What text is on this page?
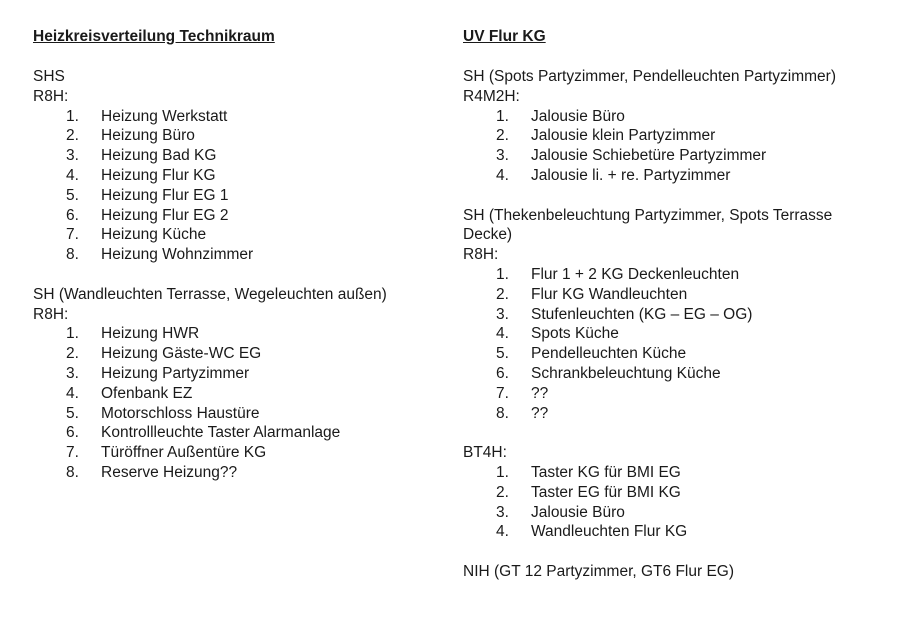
Heizkreisverteilung Technikraum
SHS
R8H:
1.	Heizung Werkstatt
2.	Heizung Büro
3.	Heizung Bad KG
4.	Heizung Flur KG
5.	Heizung Flur EG 1
6.	Heizung Flur EG 2
7.	Heizung Küche
8.	Heizung Wohnzimmer
SH (Wandleuchten Terrasse, Wegeleuchten außen)
R8H:
1.	Heizung HWR
2.	Heizung Gäste-WC EG
3.	Heizung Partyzimmer
4.	Ofenbank EZ
5.	Motorschloss Haustüre
6.	Kontrollleuchte Taster Alarmanlage
7.	Türöffner Außentüre KG
8.	Reserve Heizung??
UV Flur KG
SH (Spots Partyzimmer, Pendelleuchten Partyzimmer)
R4M2H:
1.	Jalousie Büro
2.	Jalousie klein Partyzimmer
3.	Jalousie Schiebetüre Partyzimmer
4.	Jalousie li. + re. Partyzimmer
SH (Thekenbeleuchtung Partyzimmer, Spots Terrasse
Decke)
R8H:
1.	Flur 1 + 2 KG Deckenleuchten
2.	Flur KG Wandleuchten
3.	Stufenleuchten (KG – EG – OG)
4.	Spots Küche
5.	Pendelleuchten Küche
6.	Schrankbeleuchtung Küche
7.	??
8.	??
BT4H:
1.	Taster KG für BMI EG
2.	Taster EG für BMI KG
3.	Jalousie Büro
4.	Wandleuchten Flur KG
NIH (GT 12 Partyzimmer, GT6 Flur EG)
